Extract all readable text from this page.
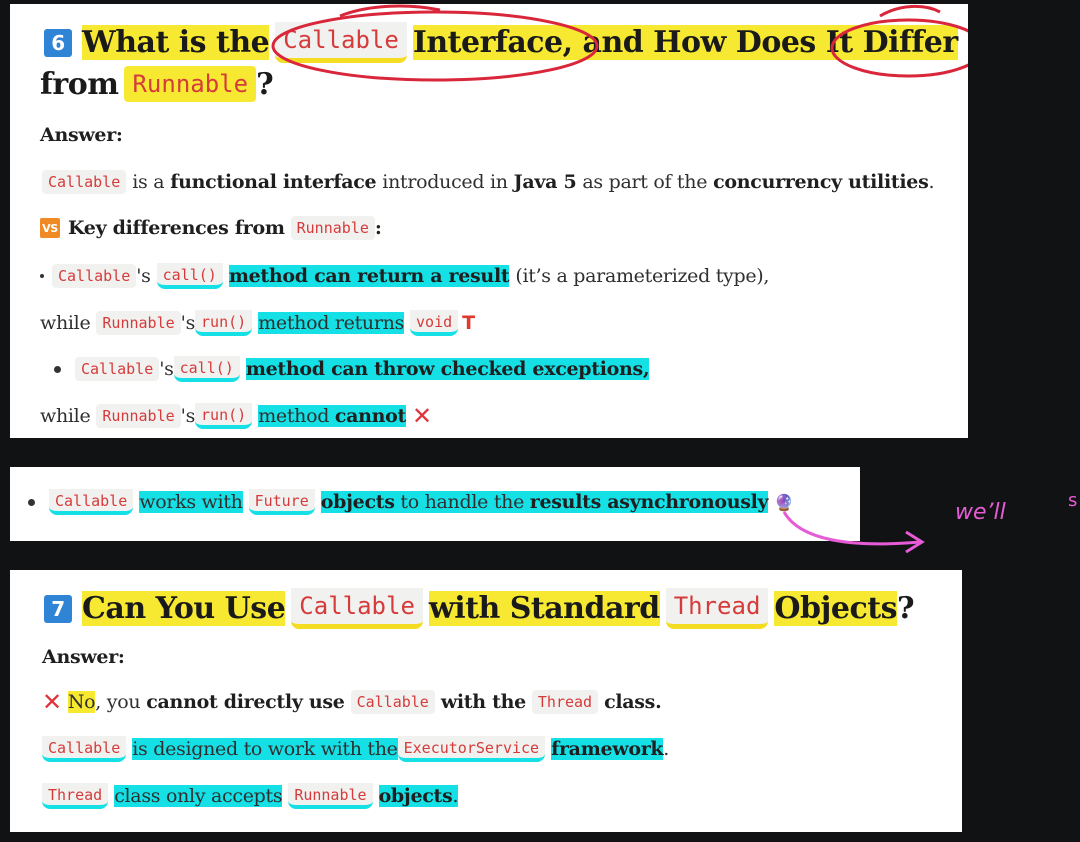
6 What is the Callable Interface, and How Does It Differ
from Runnable ?
Answer:
Callable is a functional interface introduced in Java 5 as part of the concurrency utilities .
VS Key differences from Runnable :
Callable 's call() method can return a result (it’s a parameterized type),
while Runnable 's run() method returns void T
Callable 's call() method can throw checked exceptions,
while Runnable 's run() method
cannot ✕
Callable works with Future objects
to handle the
results asynchronously 🔮	we’ll	s
7 Can You Use Callable with Standard Thread Objects ?
Answer:
✕ No , you cannot directly use Callable with the Thread class.
Callable is designed to work with the ExecutorService framework .
Thread class only accepts Runnable objects .
